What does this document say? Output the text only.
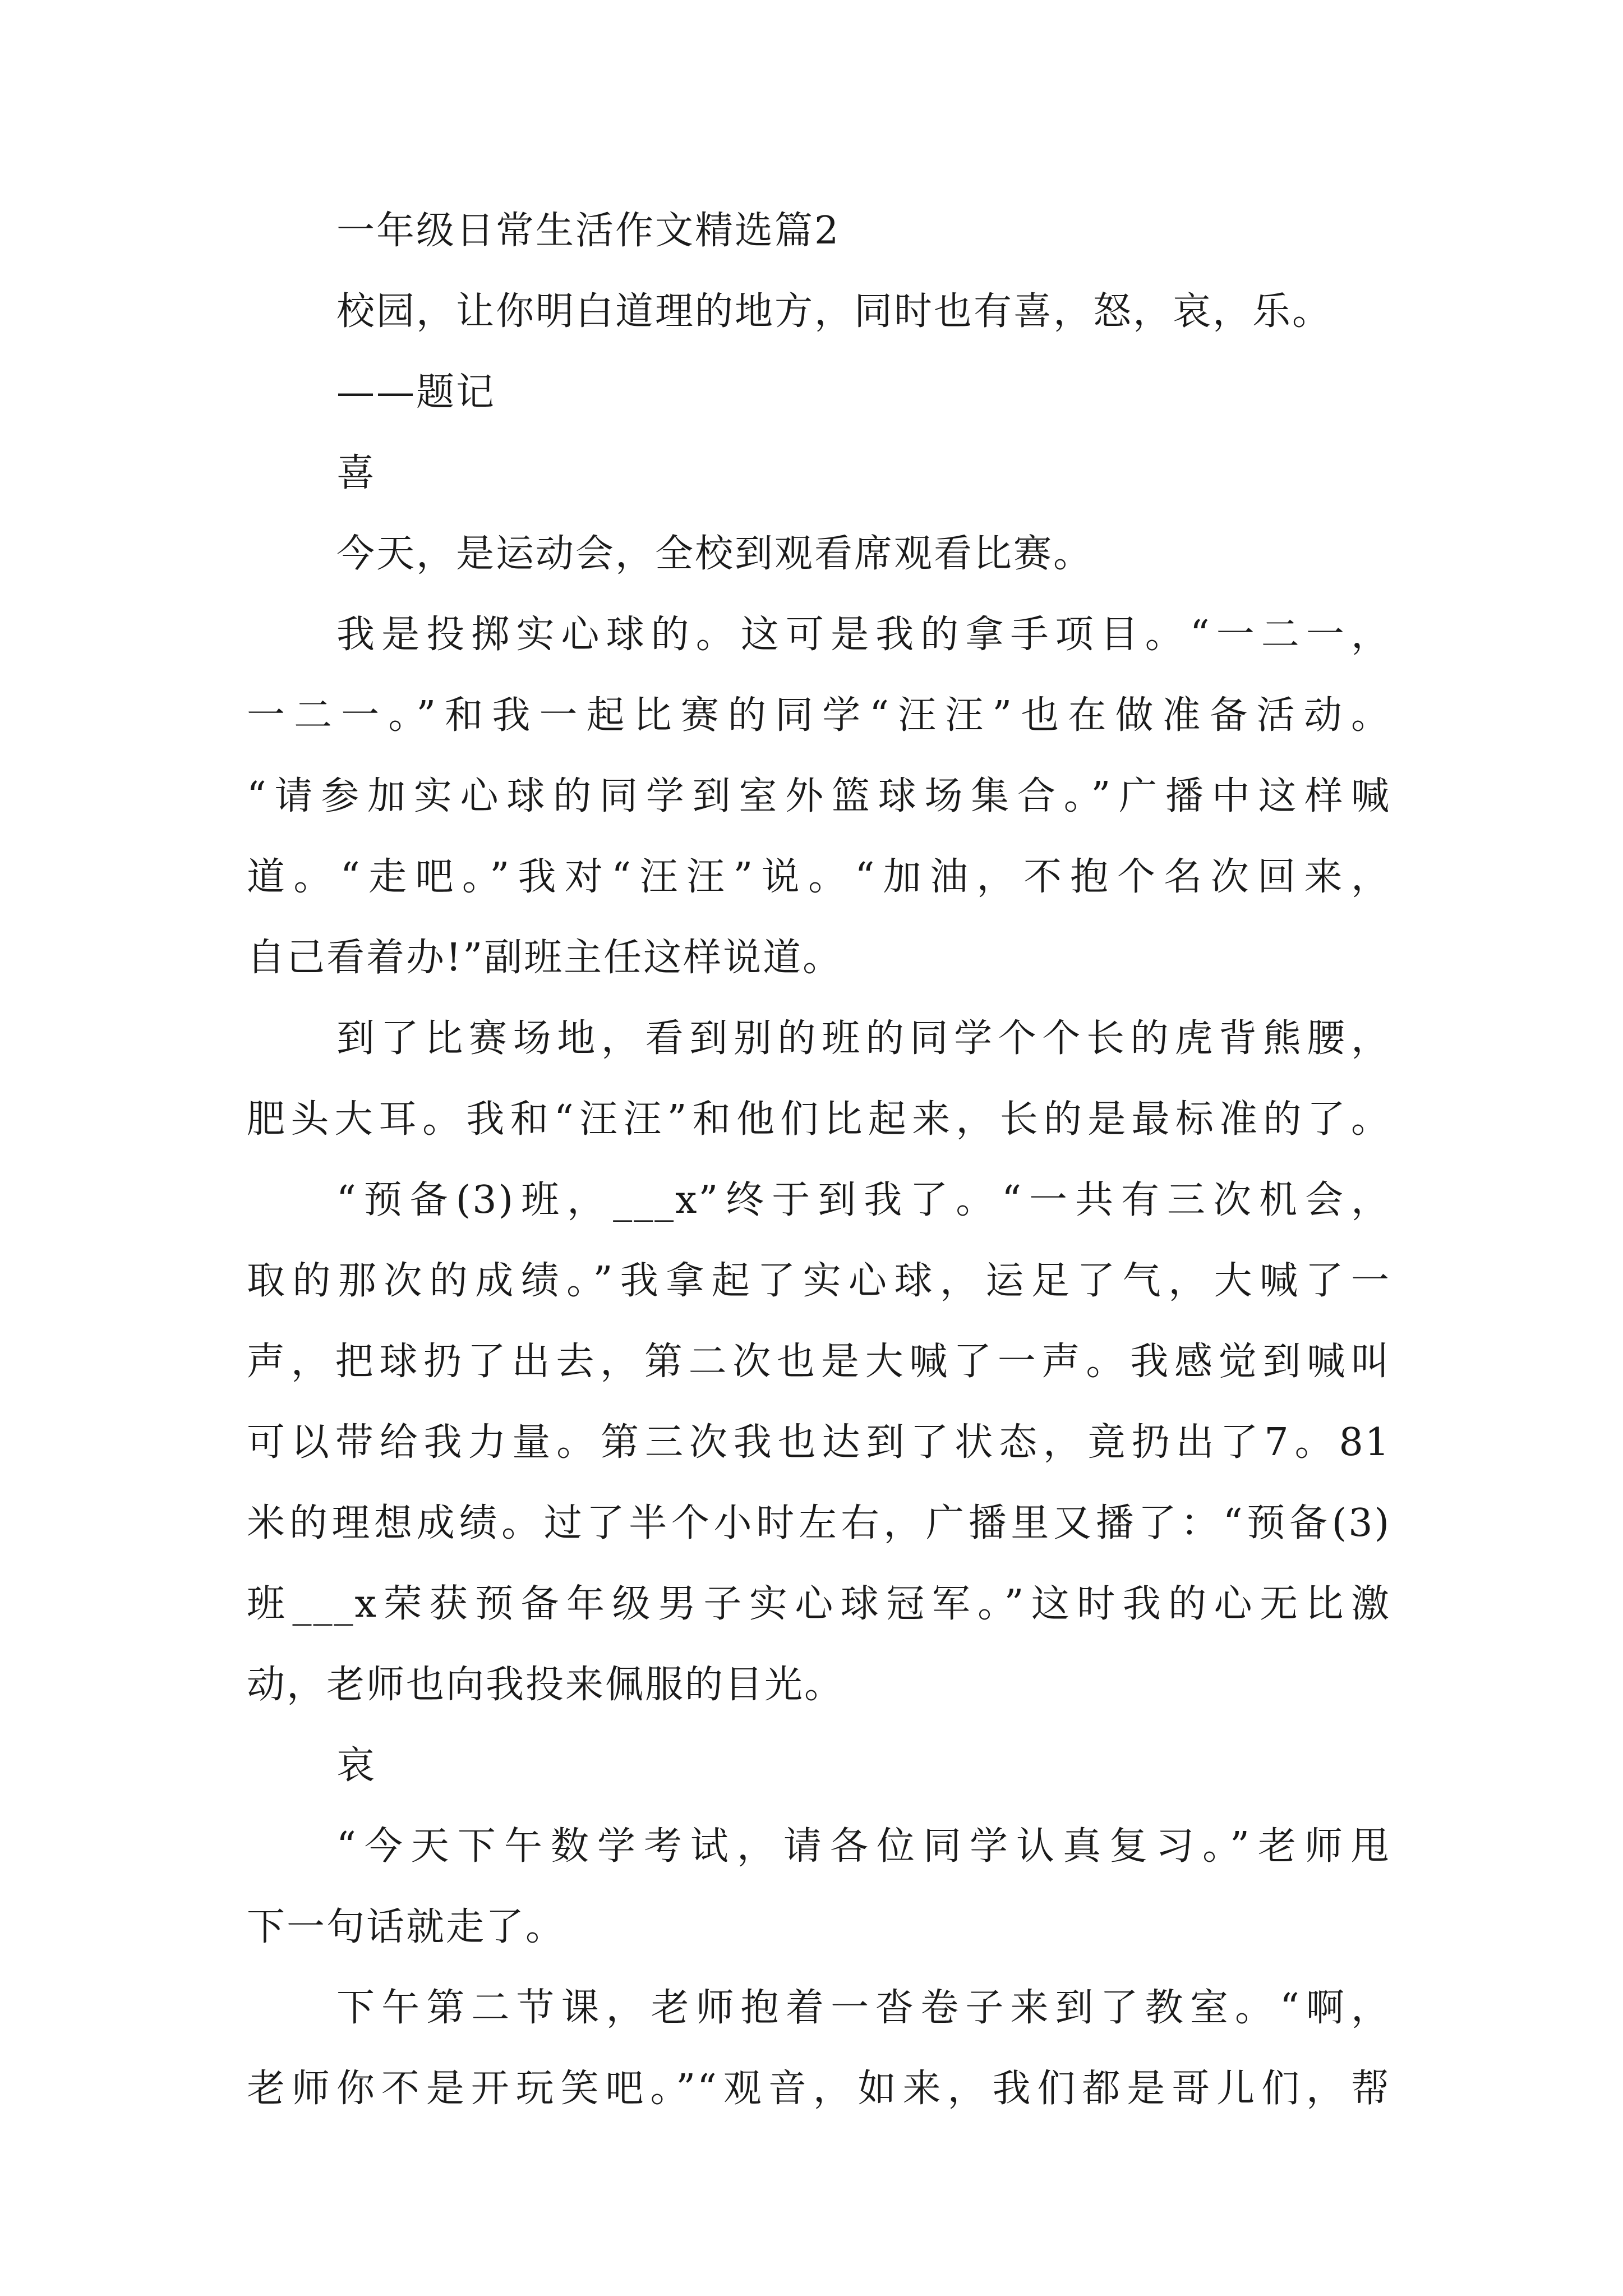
一年级日常生活作文精选篇2
校园，让你明白道理的地方，同时也有喜，怒，哀，乐。
——题记
喜
今天，是运动会，全校到观看席观看比赛。
我是投掷实心球的。这可是我的拿手项目。“一二一，
一二一。”和我一起比赛的同学“汪汪”也在做准备活动。
“请参加实心球的同学到室外篮球场集合。”广播中这样喊
道。“走吧。”我对“汪汪”说。“加油，不抱个名次回来，
自己看着办!”副班主任这样说道。
到了比赛场地，看到别的班的同学个个长的虎背熊腰，
肥头大耳。我和“汪汪”和他们比起来，长的是最标准的了。
“预备(3)班，___x”终于到我了。“一共有三次机会，
取的那次的成绩。”我拿起了实心球，运足了气，大喊了一
声，把球扔了出去，第二次也是大喊了一声。我感觉到喊叫
可以带给我力量。第三次我也达到了状态，竟扔出了7。81
米的理想成绩。过了半个小时左右，广播里又播了：“预备(3)
班___x荣获预备年级男子实心球冠军。”这时我的心无比激
动，老师也向我投来佩服的目光。
哀
“今天下午数学考试，请各位同学认真复习。”老师甩
下一句话就走了。
下午第二节课，老师抱着一沓卷子来到了教室。“啊，
老师你不是开玩笑吧。”“观音，如来，我们都是哥儿们，帮
